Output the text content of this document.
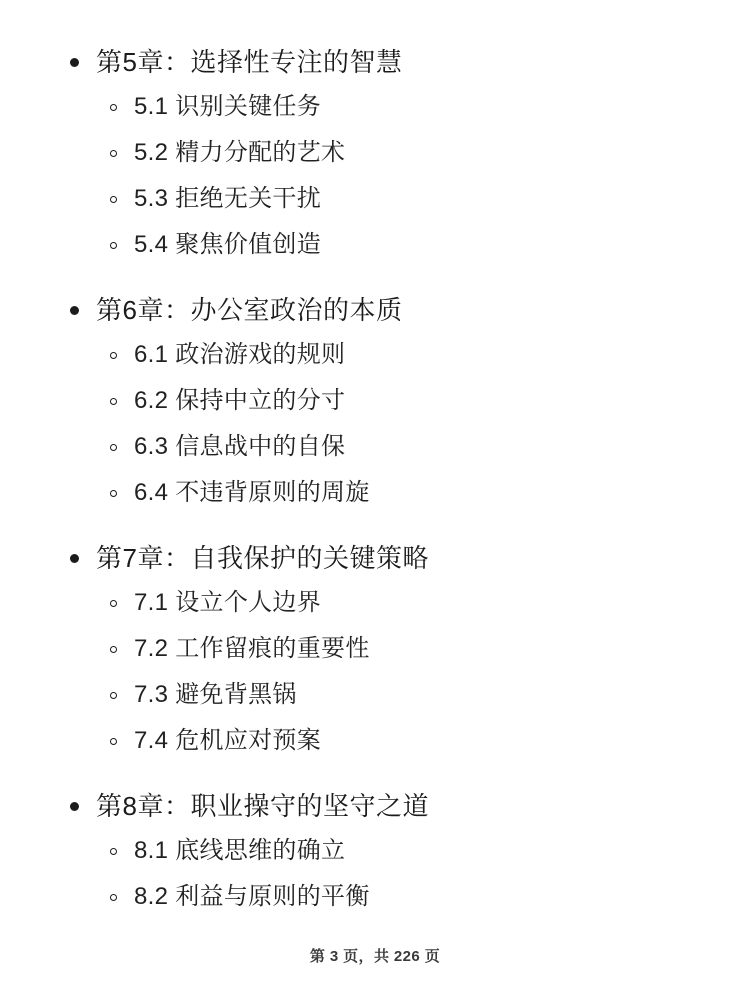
第5章：选择性专注的智慧
5.1 识别关键任务
5.2 精力分配的艺术
5.3 拒绝无关干扰
5.4 聚焦价值创造
第6章：办公室政治的本质
6.1 政治游戏的规则
6.2 保持中立的分寸
6.3 信息战中的自保
6.4 不违背原则的周旋
第7章：自我保护的关键策略
7.1 设立个人边界
7.2 工作留痕的重要性
7.3 避免背黑锅
7.4 危机应对预案
第8章：职业操守的坚守之道
8.1 底线思维的确立
8.2 利益与原则的平衡
第 3 页，共 226 页
